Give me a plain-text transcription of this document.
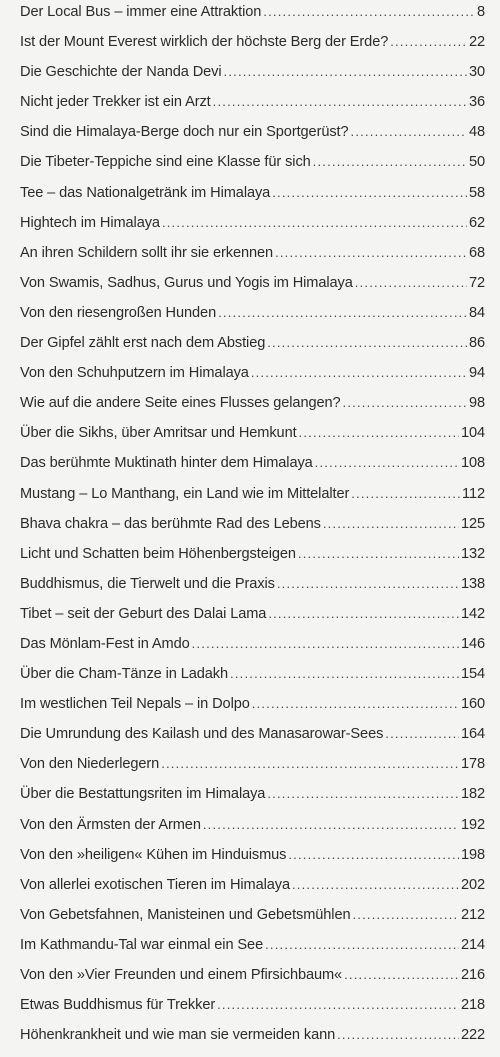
Der Local Bus – immer eine Attraktion .....	8
Ist der Mount Everest wirklich der höchste Berg der Erde? .....	22
Die Geschichte der Nanda Devi .....	30
Nicht jeder Trekker ist ein Arzt .....	36
Sind die Himalaya-Berge doch nur ein Sportgerüst? .....	48
Die Tibeter-Teppiche sind eine Klasse für sich .....	50
Tee – das Nationalgetränk im Himalaya .....	58
Hightech im Himalaya .....	62
An ihren Schildern sollt ihr sie erkennen .....	68
Von Swamis, Sadhus, Gurus und Yogis im Himalaya .....	72
Von den riesengroßen Hunden .....	84
Der Gipfel zählt erst nach dem Abstieg .....	86
Von den Schuhputzern im Himalaya .....	94
Wie auf die andere Seite eines Flusses gelangen? .....	98
Über die Sikhs, über Amritsar und Hemkunt .....	104
Das berühmte Muktinath hinter dem Himalaya .....	108
Mustang – Lo Manthang, ein Land wie im Mittelalter .....	112
Bhava chakra – das berühmte Rad des Lebens .....	125
Licht und Schatten beim Höhenbergsteigen .....	132
Buddhismus, die Tierwelt und die Praxis .....	138
Tibet – seit der Geburt des Dalai Lama .....	142
Das Mönlam-Fest in Amdo .....	146
Über die Cham-Tänze in Ladakh .....	154
Im westlichen Teil Nepals – in Dolpo .....	160
Die Umrundung des Kailash und des Manasarowar-Sees .....	164
Von den Niederlegern .....	178
Über die Bestattungsriten im Himalaya .....	182
Von den Ärmsten der Armen .....	192
Von den »heiligen« Kühen im Hinduismus .....	198
Von allerlei exotischen Tieren im Himalaya .....	202
Von Gebetsfahnen, Manisteinen und Gebetsmühlen .....	212
Im Kathmandu-Tal war einmal ein See .....	214
Von den »Vier Freunden und einem Pfirsichbaum« .....	216
Etwas Buddhismus für Trekker .....	218
Höhenkrankheit und wie man sie vermeiden kann .....	222
